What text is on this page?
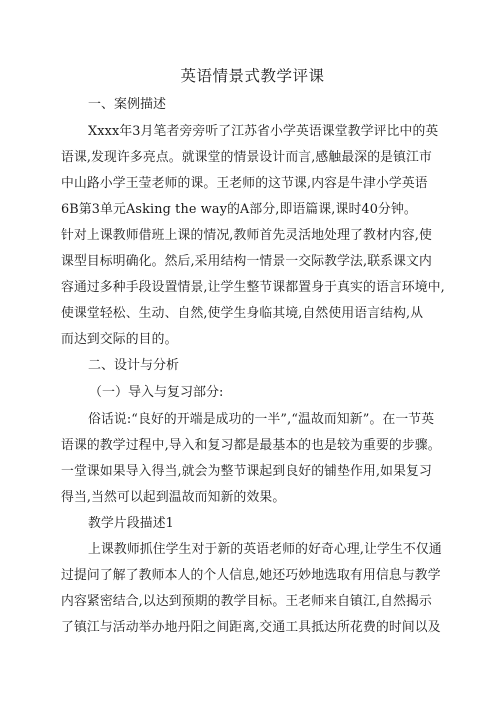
英语情景式教学评课
一、案例描述
Xxxx年3月笔者旁旁听了江苏省小学英语课堂教学评比中的英
语课,发现许多亮点。就课堂的情景设计而言,感触最深的是镇江市
中山路小学王莹老师的课。王老师的这节课,内容是牛津小学英语
6B第3单元Asking the way的A部分,即语篇课,课时40分钟。
针对上课教师借班上课的情况,教师首先灵活地处理了教材内容,使
课型目标明确化。然后,采用结构一情景一交际教学法,联系课文内
容通过多种手段设置情景,让学生整节课都置身于真实的语言环境中,
使课堂轻松、生动、自然,使学生身临其境,自然使用语言结构,从
而达到交际的目的。
二、设计与分析
（一）导入与复习部分:
俗话说:“良好的开端是成功的一半”,“温故而知新”。在一节英
语课的教学过程中,导入和复习都是最基本的也是较为重要的步骤。
一堂课如果导入得当,就会为整节课起到良好的铺垫作用,如果复习
得当,当然可以起到温故而知新的效果。
教学片段描述1
上课教师抓住学生对于新的英语老师的好奇心理,让学生不仅通
过提问了解了教师本人的个人信息,她还巧妙地选取有用信息与教学
内容紧密结合,以达到预期的教学目标。王老师来自镇江,自然揭示
了镇江与活动举办地丹阳之间距离,交通工具抵达所花费的时间以及
